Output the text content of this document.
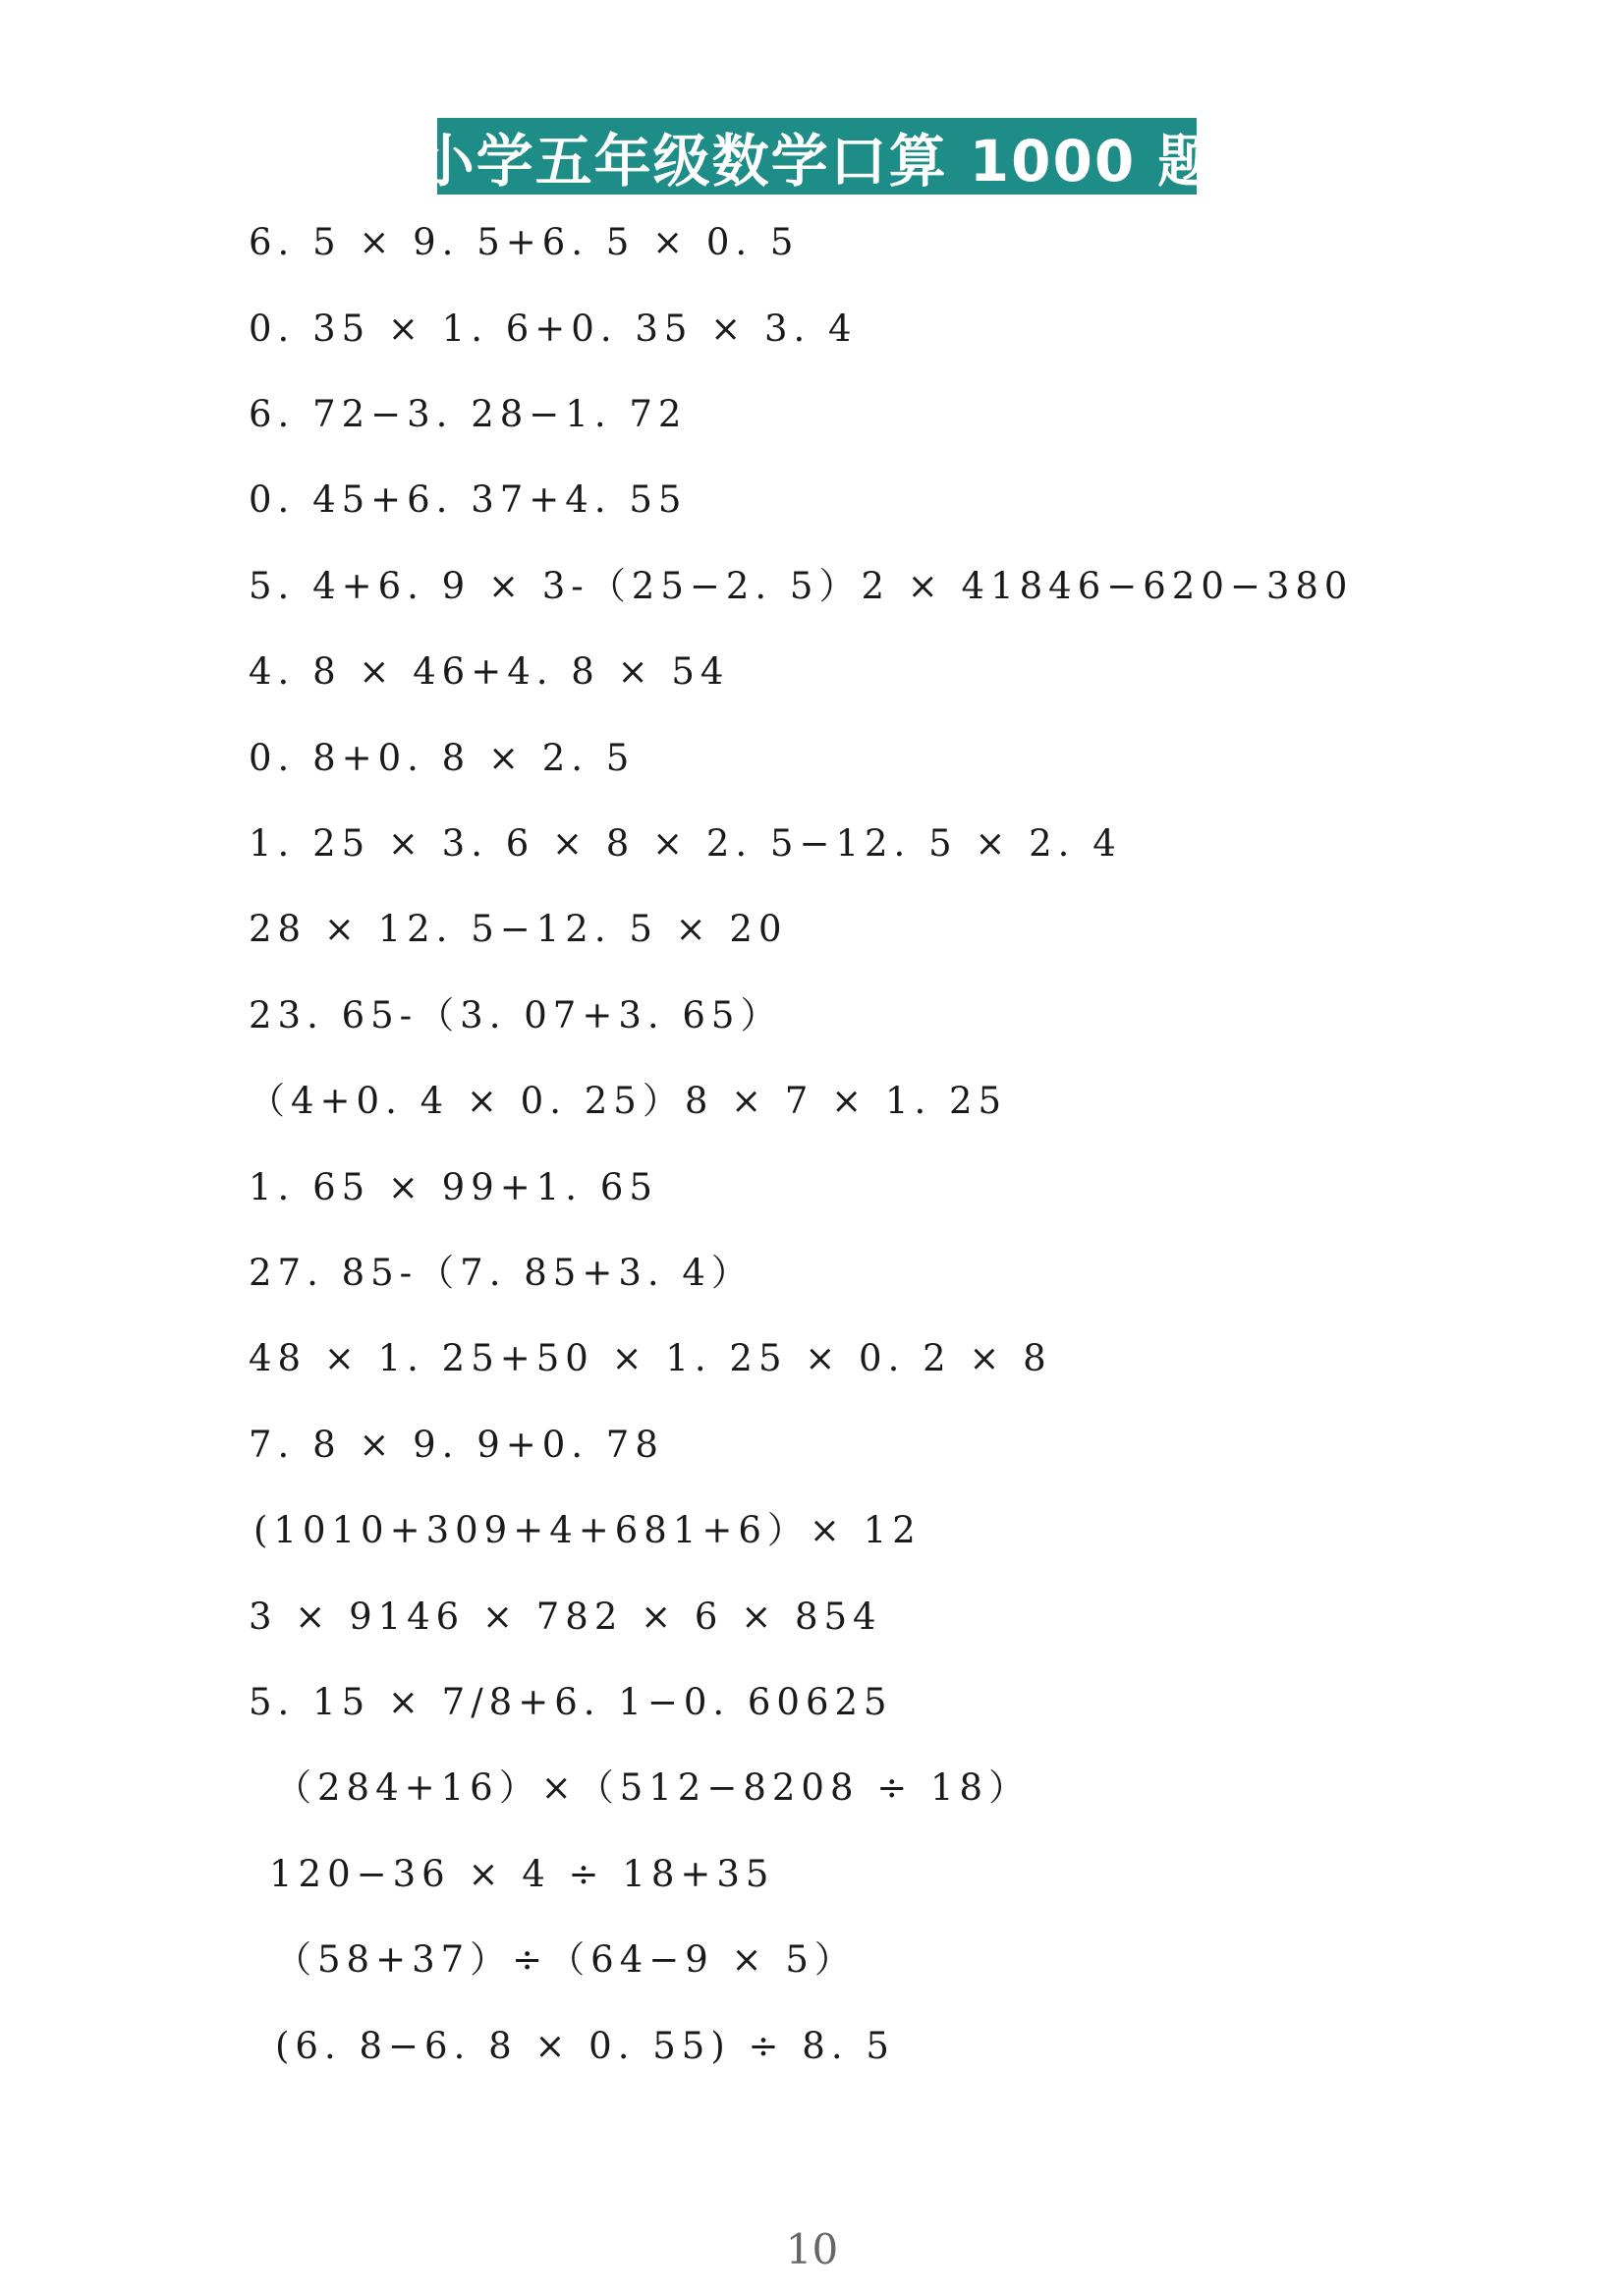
小学五年级数学口算 1000 题
6. 5 × 9. 5+6. 5 × 0. 5
0. 35 × 1. 6+0. 35 × 3. 4
6. 72−3. 28−1. 72
0. 45+6. 37+4. 55
5. 4+6. 9 × 3-（25−2. 5）2 × 41846−620−380
4. 8 × 46+4. 8 × 54
0. 8+0. 8 × 2. 5
1. 25 × 3. 6 × 8 × 2. 5−12. 5 × 2. 4
28 × 12. 5−12. 5 × 20
23. 65-（3. 07+3. 65）
（4+0. 4 × 0. 25）8 × 7 × 1. 25
1. 65 × 99+1. 65
27. 85-（7. 85+3. 4）
48 × 1. 25+50 × 1. 25 × 0. 2 × 8
7. 8 × 9. 9+0. 78
(1010+309+4+681+6）× 12
3 × 9146 × 782 × 6 × 854
5. 15 × 7/8+6. 1−0. 60625
（284+16）×（512−8208 ÷ 18）
120−36 × 4 ÷ 18+35
（58+37）÷（64−9 × 5）
(6. 8−6. 8 × 0. 55) ÷ 8. 5
10
